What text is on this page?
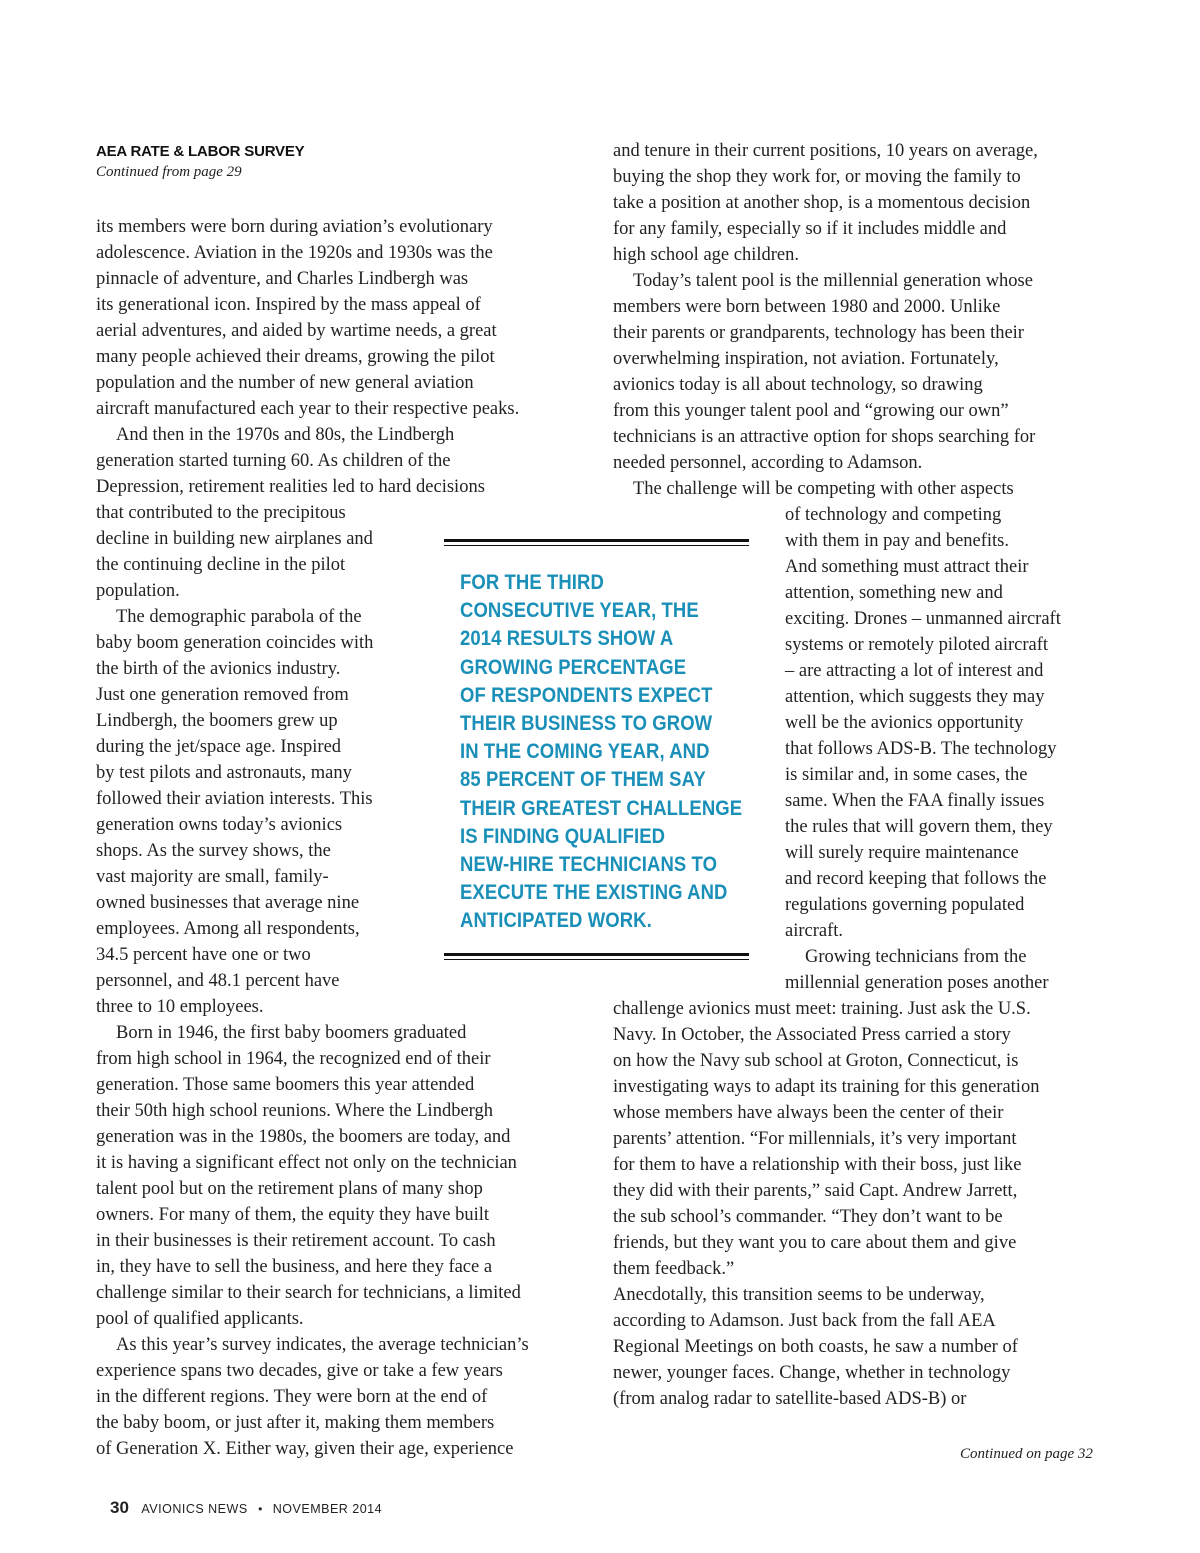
AEA RATE & LABOR SURVEY
Continued from page 29
its members were born during aviation’s evolutionary
adolescence. Aviation in the 1920s and 1930s was the
pinnacle of adventure, and Charles Lindbergh was
its generational icon. Inspired by the mass appeal of
aerial adventures, and aided by wartime needs, a great
many people achieved their dreams, growing the pilot
population and the number of new general aviation
aircraft manufactured each year to their respective peaks.
And then in the 1970s and 80s, the Lindbergh
generation started turning 60. As children of the
Depression, retirement realities led to hard decisions
that contributed to the precipitous
decline in building new airplanes and
the continuing decline in the pilot
population.
The demographic parabola of the
baby boom generation coincides with
the birth of the avionics industry.
Just one generation removed from
Lindbergh, the boomers grew up
during the jet/space age. Inspired
by test pilots and astronauts, many
followed their aviation interests. This
generation owns today’s avionics
shops. As the survey shows, the
vast majority are small, family-
owned businesses that average nine
employees. Among all respondents,
34.5 percent have one or two
personnel, and 48.1 percent have
three to 10 employees.
Born in 1946, the first baby boomers graduated
from high school in 1964, the recognized end of their
generation. Those same boomers this year attended
their 50th high school reunions. Where the Lindbergh
generation was in the 1980s, the boomers are today, and
it is having a significant effect not only on the technician
talent pool but on the retirement plans of many shop
owners. For many of them, the equity they have built
in their businesses is their retirement account. To cash
in, they have to sell the business, and here they face a
challenge similar to their search for technicians, a limited
pool of qualified applicants.
As this year’s survey indicates, the average technician’s
experience spans two decades, give or take a few years
in the different regions. They were born at the end of
the baby boom, or just after it, making them members
of Generation X. Either way, given their age, experience
and tenure in their current positions, 10 years on average,
buying the shop they work for, or moving the family to
take a position at another shop, is a momentous decision
for any family, especially so if it includes middle and
high school age children.
Today’s talent pool is the millennial generation whose
members were born between 1980 and 2000. Unlike
their parents or grandparents, technology has been their
overwhelming inspiration, not aviation. Fortunately,
avionics today is all about technology, so drawing
from this younger talent pool and “growing our own”
technicians is an attractive option for shops searching for
needed personnel, according to Adamson.
The challenge will be competing with other aspects
of technology and competing
with them in pay and benefits.
And something must attract their
attention, something new and
exciting. Drones – unmanned aircraft
systems or remotely piloted aircraft
– are attracting a lot of interest and
attention, which suggests they may
well be the avionics opportunity
that follows ADS-B. The technology
is similar and, in some cases, the
same. When the FAA finally issues
the rules that will govern them, they
will surely require maintenance
and record keeping that follows the
regulations governing populated
aircraft.
Growing technicians from the
millennial generation poses another
challenge avionics must meet: training. Just ask the U.S.
Navy. In October, the Associated Press carried a story
on how the Navy sub school at Groton, Connecticut, is
investigating ways to adapt its training for this generation
whose members have always been the center of their
parents’ attention. “For millennials, it’s very important
for them to have a relationship with their boss, just like
they did with their parents,” said Capt. Andrew Jarrett,
the sub school’s commander. “They don’t want to be
friends, but they want you to care about them and give
them feedback.”
Anecdotally, this transition seems to be underway,
according to Adamson. Just back from the fall AEA
Regional Meetings on both coasts, he saw a number of
newer, younger faces. Change, whether in technology
(from analog radar to satellite-based ADS-B) or
FOR THE THIRD
CONSECUTIVE YEAR, THE
2014 RESULTS SHOW A
GROWING PERCENTAGE
OF RESPONDENTS EXPECT
THEIR BUSINESS TO GROW
IN THE COMING YEAR, AND
85 PERCENT OF THEM SAY
THEIR GREATEST CHALLENGE
IS FINDING QUALIFIED
NEW-HIRE TECHNICIANS TO
EXECUTE THE EXISTING AND
ANTICIPATED WORK.
Continued on page 32
30 AVIONICS NEWS • NOVEMBER 2014
